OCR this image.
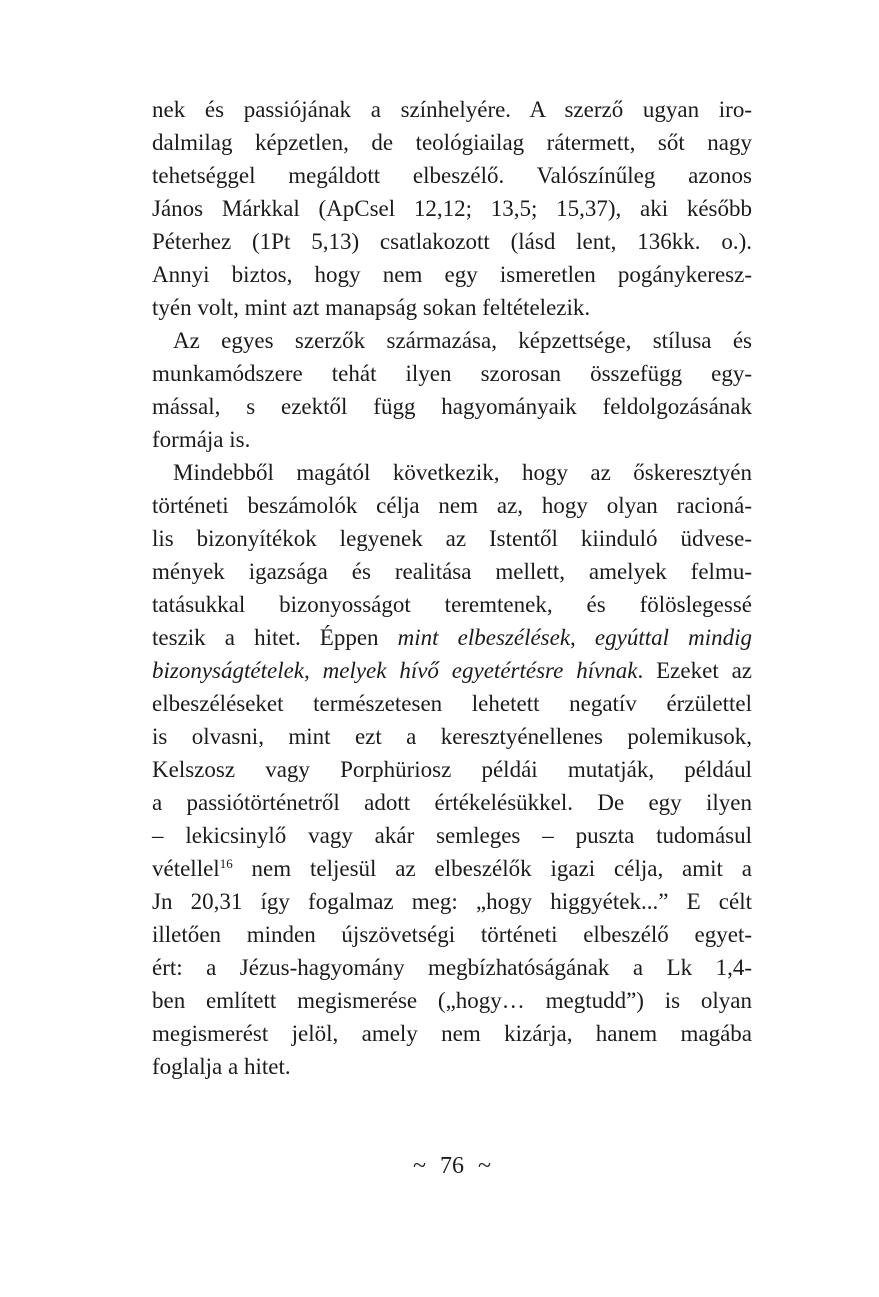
nek és passiójának a színhelyére. A szerző ugyan iro-
dalmilag képzetlen, de teológiailag rátermett, sőt nagy
tehetséggel megáldott elbeszélő. Valószínűleg azonos
János Márkkal (ApCsel 12,12; 13,5; 15,37), aki később
Péterhez (1Pt 5,13) csatlakozott (lásd lent, 136kk. o.).
Annyi biztos, hogy nem egy ismeretlen pogánykeresz-
tyén volt, mint azt manapság sokan feltételezik.
Az egyes szerzők származása, képzettsége, stílusa és
munkamódszere tehát ilyen szorosan összefügg egy-
mással, s ezektől függ hagyományaik feldolgozásának
formája is.
Mindebből magától következik, hogy az őskeresztyén
történeti beszámolók célja nem az, hogy olyan racioná-
lis bizonyítékok legyenek az Istentől kiinduló üdvese-
mények igazsága és realitása mellett, amelyek felmu-
tatásukkal bizonyosságot teremtenek, és fölöslegessé
teszik a hitet. Éppen mint elbeszélések, egyúttal mindig
bizonyságtételek, melyek hívő egyetértésre hívnak. Ezeket az
elbeszéléseket természetesen lehetett negatív érzülettel
is olvasni, mint ezt a keresztyénellenes polemikusok,
Kelszosz vagy Porphüriosz példái mutatják, például
a passiótörténetről adott értékelésükkel. De egy ilyen
– lekicsinylő vagy akár semleges – puszta tudomásul
vétellel$^{16}$ nem teljesül az elbeszélők igazi célja, amit a
Jn 20,31 így fogalmaz meg: „hogy higgyétek...” E célt
illetően minden újszövetségi történeti elbeszélő egyet-
ért: a Jézus-hagyomány megbízhatóságának a Lk 1,4-
ben említett megismerése („hogy… megtudd”) is olyan
megismerést jelöl, amely nem kizárja, hanem magába
foglalja a hitet.
~ 76 ~
